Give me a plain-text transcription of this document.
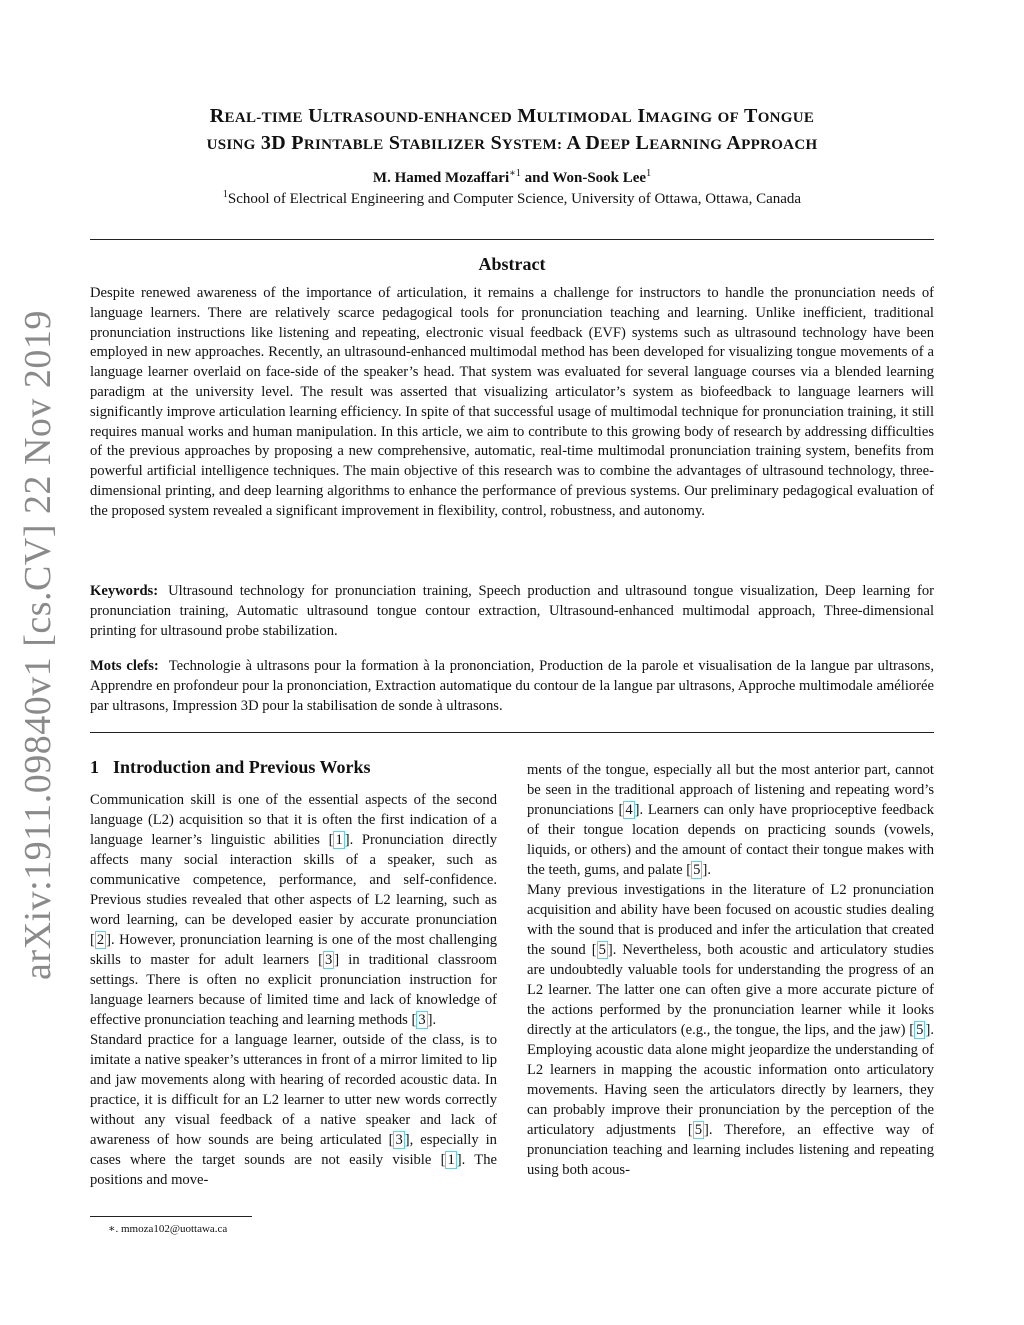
arXiv:1911.09840v1 [cs.CV] 22 Nov 2019
REAL-TIME ULTRASOUND-ENHANCED MULTIMODAL IMAGING OF TONGUE
USING 3D PRINTABLE STABILIZER SYSTEM: A DEEP LEARNING APPROACH
M. Hamed Mozaffari$^{∗1}$ and Won-Sook Lee$^1$
$^1$School of Electrical Engineering and Computer Science, University of Ottawa, Ottawa, Canada
Abstract
Despite renewed awareness of the importance of articulation, it remains a challenge for instructors to handle the pronunciation needs of language learners. There are relatively scarce pedagogical tools for pronunciation teaching and learning. Unlike inefficient, traditional pronunciation instructions like listening and repeating, electronic visual feedback (EVF) systems such as ultrasound technology have been employed in new approaches. Recently, an ultrasound-enhanced multimodal method has been developed for visualizing tongue movements of a language learner overlaid on face-side of the speaker’s head. That system was evaluated for several language courses via a blended learning paradigm at the university level. The result was asserted that visualizing articulator’s system as biofeedback to language learners will significantly improve articulation learning efficiency. In spite of that successful usage of multimodal technique for pronunciation training, it still requires manual works and human manipulation. In this article, we aim to contribute to this growing body of research by addressing difficulties of the previous approaches by proposing a new comprehensive, automatic, real-time multimodal pronunciation training system, benefits from powerful artificial intelligence techniques. The main objective of this research was to combine the advantages of ultrasound technology, three-dimensional printing, and deep learning algorithms to enhance the performance of previous systems. Our preliminary pedagogical evaluation of the proposed system revealed a significant improvement in flexibility, control, robustness, and autonomy.
Keywords: Ultrasound technology for pronunciation training, Speech production and ultrasound tongue visualization, Deep learning for pronunciation training, Automatic ultrasound tongue contour extraction, Ultrasound-enhanced multimodal approach, Three-dimensional printing for ultrasound probe stabilization.
Mots clefs: Technologie à ultrasons pour la formation à la prononciation, Production de la parole et visualisation de la langue par ultrasons, Apprendre en profondeur pour la prononciation, Extraction automatique du contour de la langue par ultrasons, Approche multimodale améliorée par ultrasons, Impression 3D pour la stabilisation de sonde à ultrasons.
1 Introduction and Previous Works

Communication skill is one of the essential aspects of the second language (L2) acquisition so that it is often the first indication of a language learner’s linguistic abilities [ 1 ]. Pronunciation directly affects many social interaction skills of a speaker, such as communicative competence, performance, and self-confidence. Previous studies revealed that other aspects of L2 learning, such as word learning, can be developed easier by accurate pronunciation [ 2 ]. However, pronunciation learning is one of the most challenging skills to master for adult learners [ 3 ] in traditional classroom settings. There is often no explicit pronunciation instruction for language learners because of limited time and lack of knowledge of effective pronunciation teaching and learning methods [ 3 ].

Standard practice for a language learner, outside of the class, is to imitate a native speaker’s utterances in front of a mirror limited to lip and jaw movements along with hearing of recorded acoustic data. In practice, it is difficult for an L2 learner to utter new words correctly without any visual feedback of a native speaker and lack of awareness of how sounds are being articulated [ 3 ], especially in cases where the target sounds are not easily visible [ 1 ]. The positions and move-

ments of the tongue, especially all but the most anterior part, cannot be seen in the traditional approach of listening and repeating word’s pronunciations [ 4 ]. Learners can only have proprioceptive feedback of their tongue location depends on practicing sounds (vowels, liquids, or others) and the amount of contact their tongue makes with the teeth, gums, and palate [ 5 ].

Many previous investigations in the literature of L2 pronunciation acquisition and ability have been focused on acoustic studies dealing with the sound that is produced and infer the articulation that created the sound [ 5 ]. Nevertheless, both acoustic and articulatory studies are undoubtedly valuable tools for understanding the progress of an L2 learner. The latter one can often give a more accurate picture of the actions performed by the pronunciation learner while it looks directly at the articulators (e.g., the tongue, the lips, and the jaw) [ 5 ]. Employing acoustic data alone might jeopardize the understanding of L2 learners in mapping the acoustic information onto articulatory movements. Having seen the articulators directly by learners, they can probably improve their pronunciation by the perception of the articulatory adjustments [ 5 ]. Therefore, an effective way of pronunciation teaching and learning includes listening and repeating using both acous-

∗. mmoza102@uottawa.ca
